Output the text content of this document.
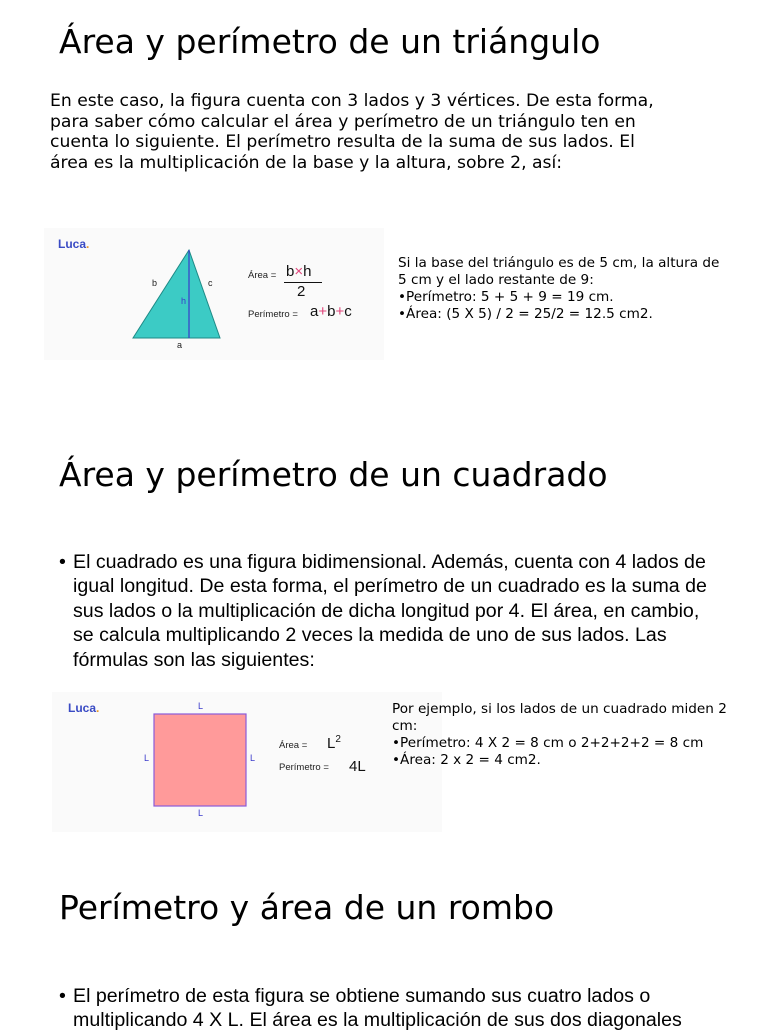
Área y perímetro de un triángulo
En este caso, la figura cuenta con 3 lados y 3 vértices. De esta forma, para saber cómo calcular el área y perímetro de un triángulo ten en cuenta lo siguiente. El perímetro resulta de la suma de sus lados. El área es la multiplicación de la base y la altura, sobre 2, así:
Luca.
b	c
h
a
Área = b×h
2
Perímetro = a+b+c
Si la base del triángulo es de 5 cm, la altura de 5 cm y el lado restante de 9:
•Perímetro: 5 + 5 + 9 = 19 cm.
•Área: (5 X 5) / 2 = 25/2 = 12.5 cm2.
Área y perímetro de un cuadrado
• El cuadrado es una figura bidimensional. Además, cuenta con 4 lados de igual longitud. De esta forma, el perímetro de un cuadrado es la suma de sus lados o la multiplicación de dicha longitud por 4. El área, en cambio, se calcula multiplicando 2 veces la medida de uno de sus lados. Las fórmulas son las siguientes:
Luca.	L
L	L
L
Área = $L^2$
Perímetro = 4L
Por ejemplo, si los lados de un cuadrado miden 2 cm:
•Perímetro: 4 X 2 = 8 cm o 2+2+2+2 = 8 cm
•Área: 2 x 2 = 4 cm2.
Perímetro y área de un rombo
• El perímetro de esta figura se obtiene sumando sus cuatro lados o multiplicando 4 X L. El área es la multiplicación de sus dos diagonales
